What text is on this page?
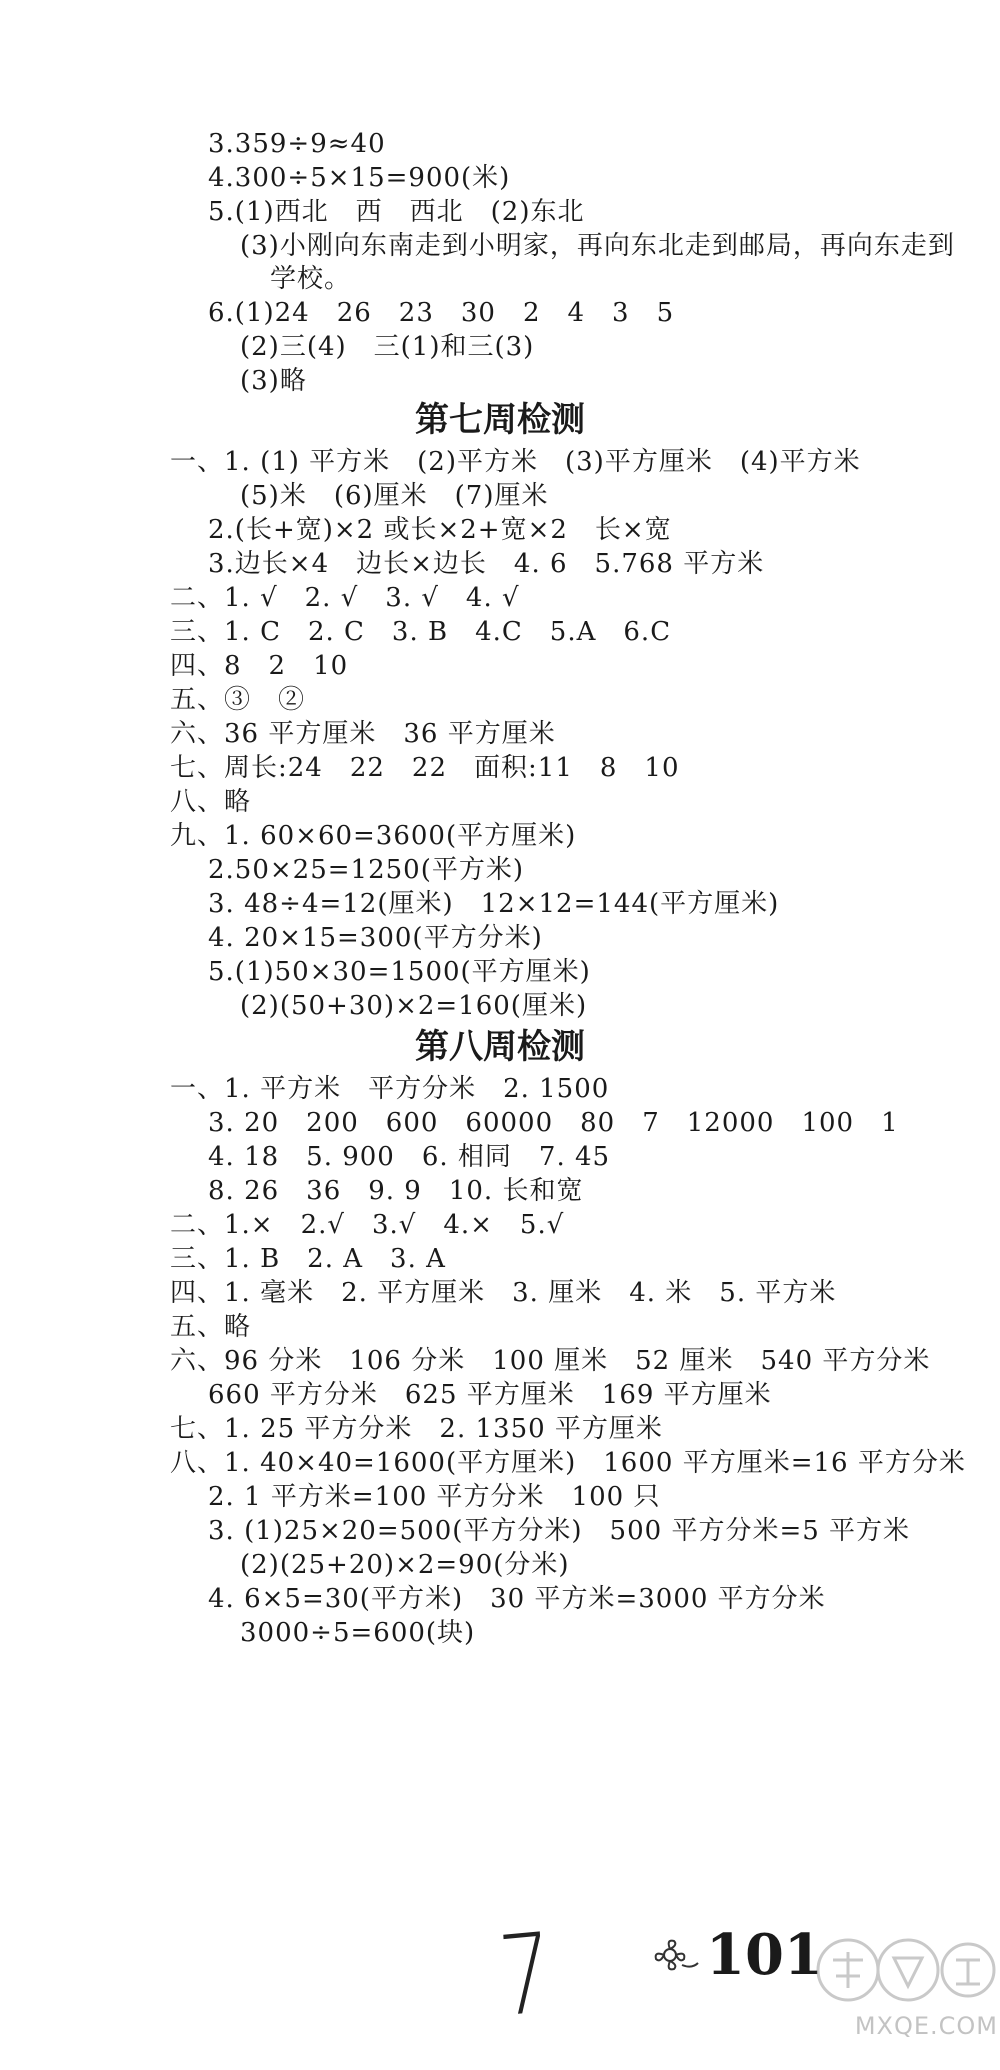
3.359÷9≈40
4.300÷5×15=900(米)
5.(1)西北　西　西北　(2)东北
(3)小刚向东南走到小明家，再向东北走到邮局，再向东走到
学校。
6.(1)24　26　23　30　2　4　3　5
(2)三(4)　三(1)和三(3)
(3)略
第七周检测
一、1. (1) 平方米　(2)平方米　(3)平方厘米　(4)平方米
(5)米　(6)厘米　(7)厘米
2.(长+宽)×2 或长×2+宽×2　长×宽
3.边长×4　边长×边长　4. 6　5.768 平方米
二、1. √　2. √　3. √　4. √
三、1. C　2. C　3. B　4.C　5.A　6.C
四、8　2　10
五、③　②
六、36 平方厘米　36 平方厘米
七、周长:24　22　22　面积:11　8　10
八、略
九、1. 60×60=3600(平方厘米)
2.50×25=1250(平方米)
3. 48÷4=12(厘米)　12×12=144(平方厘米)
4. 20×15=300(平方分米)
5.(1)50×30=1500(平方厘米)
(2)(50+30)×2=160(厘米)
第八周检测
一、1. 平方米　平方分米　2. 1500
3. 20　200　600　60000　80　7　12000　100　1
4. 18　5. 900　6. 相同　7. 45
8. 26　36　9. 9　10. 长和宽
二、1.×　2.√　3.√　4.×　5.√
三、1. B　2. A　3. A
四、1. 毫米　2. 平方厘米　3. 厘米　4. 米　5. 平方米
五、略
六、96 分米　106 分米　100 厘米　52 厘米　540 平方分米
660 平方分米　625 平方厘米　169 平方厘米
七、1. 25 平方分米　2. 1350 平方厘米
八、1. 40×40=1600(平方厘米)　1600 平方厘米=16 平方分米
2. 1 平方米=100 平方分米　100 只
3. (1)25×20=500(平方分米)　500 平方分米=5 平方米
(2)(25+20)×2=90(分米)
4. 6×5=30(平方米)　30 平方米=3000 平方分米
3000÷5=600(块)
7	101
MXQE.COM
